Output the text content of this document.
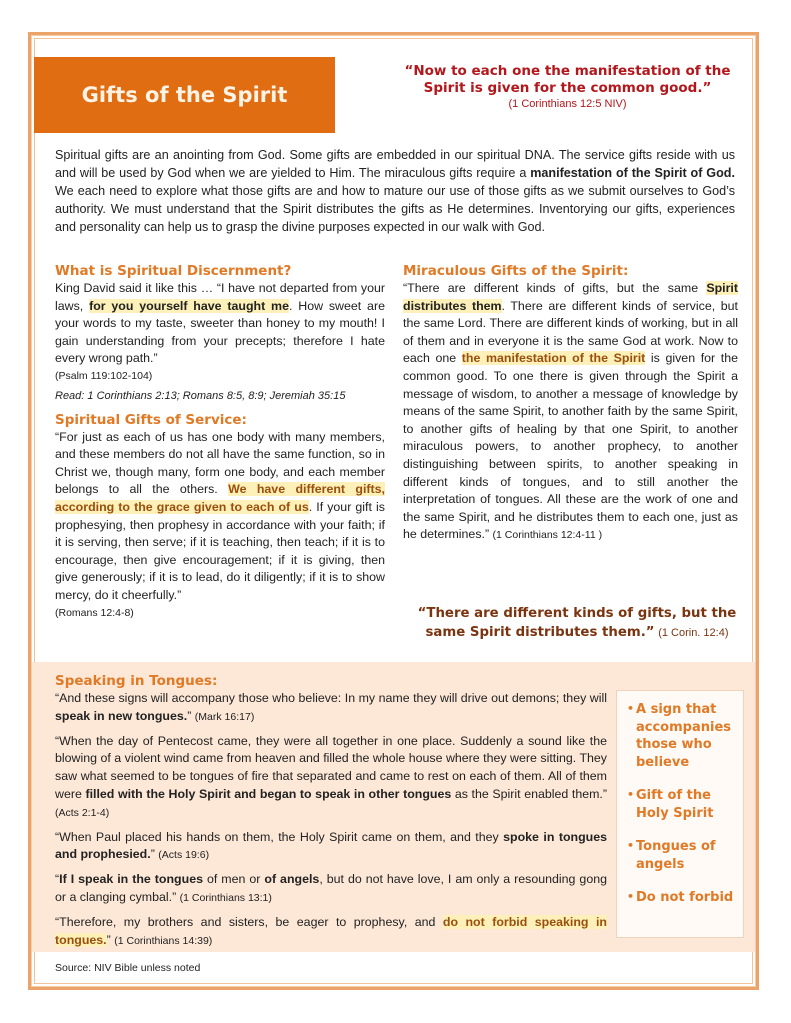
Gifts of the Spirit
“Now to each one the manifestation of the Spirit is given for the common good.”
(1 Corinthians 12:5 NIV)
Spiritual gifts are an anointing from God. Some gifts are embedded in our spiritual DNA. The service gifts reside with us and will be used by God when we are yielded to Him. The miraculous gifts require a manifestation of the Spirit of God. We each need to explore what those gifts are and how to mature our use of those gifts as we submit ourselves to God’s authority. We must understand that the Spirit distributes the gifts as He determines. Inventorying our gifts, experiences and personality can help us to grasp the divine purposes expected in our walk with God.
What is Spiritual Discernment?

King David said it like this … “I have not departed from your laws, for you yourself have taught me. How sweet are your words to my taste, sweeter than honey to my mouth! I gain understanding from your precepts; therefore I hate every wrong path.”

(Psalm 119:102-104)

Read: 1 Corinthians 2:13; Romans 8:5, 8:9; Jeremiah 35:15

Spiritual Gifts of Service:

“For just as each of us has one body with many members, and these members do not all have the same function, so in Christ we, though many, form one body, and each member belongs to all the others. We have different gifts, according to the grace given to each of us. If your gift is prophesying, then prophesy in accordance with your faith; if it is serving, then serve; if it is teaching, then teach; if it is to encourage, then give encouragement; if it is giving, then give generously; if it is to lead, do it diligently; if it is to show mercy, do it cheerfully.”

(Romans 12:4-8)

Miraculous Gifts of the Spirit:

“There are different kinds of gifts, but the same Spirit distributes them. There are different kinds of service, but the same Lord. There are different kinds of working, but in all of them and in everyone it is the same God at work. Now to each one the manifestation of the Spirit is given for the common good. To one there is given through the Spirit a message of wisdom, to another a message of knowledge by means of the same Spirit, to another faith by the same Spirit, to another gifts of healing by that one Spirit, to another miraculous powers, to another prophecy, to another distinguishing between spirits, to another speaking in different kinds of tongues, and to still another the interpretation of tongues. All these are the work of one and the same Spirit, and he distributes them to each one, just as he determines.” (1 Corinthians 12:4-11 )

“There are different kinds of gifts, but the same Spirit distributes them.” (1 Corin. 12:4)
Speaking in Tongues:

“And these signs will accompany those who believe: In my name they will drive out demons; they will speak in new tongues.” (Mark 16:17)

“When the day of Pentecost came, they were all together in one place. Suddenly a sound like the blowing of a violent wind came from heaven and filled the whole house where they were sitting. They saw what seemed to be tongues of fire that separated and came to rest on each of them. All of them were filled with the Holy Spirit and began to speak in other tongues as the Spirit enabled them.” (Acts 2:1-4)

“When Paul placed his hands on them, the Holy Spirit came on them, and they spoke in tongues and prophesied.” (Acts 19:6)

“If I speak in the tongues of men or of angels, but do not have love, I am only a resounding gong or a clanging cymbal.” (1 Corinthians 13:1)

“Therefore, my brothers and sisters, be eager to prophesy, and do not forbid speaking in tongues.” (1 Corinthians 14:39)

• A sign that accompanies those who believe
• Gift of the Holy Spirit
• Tongues of angels
• Do not forbid
Source: NIV Bible unless noted
